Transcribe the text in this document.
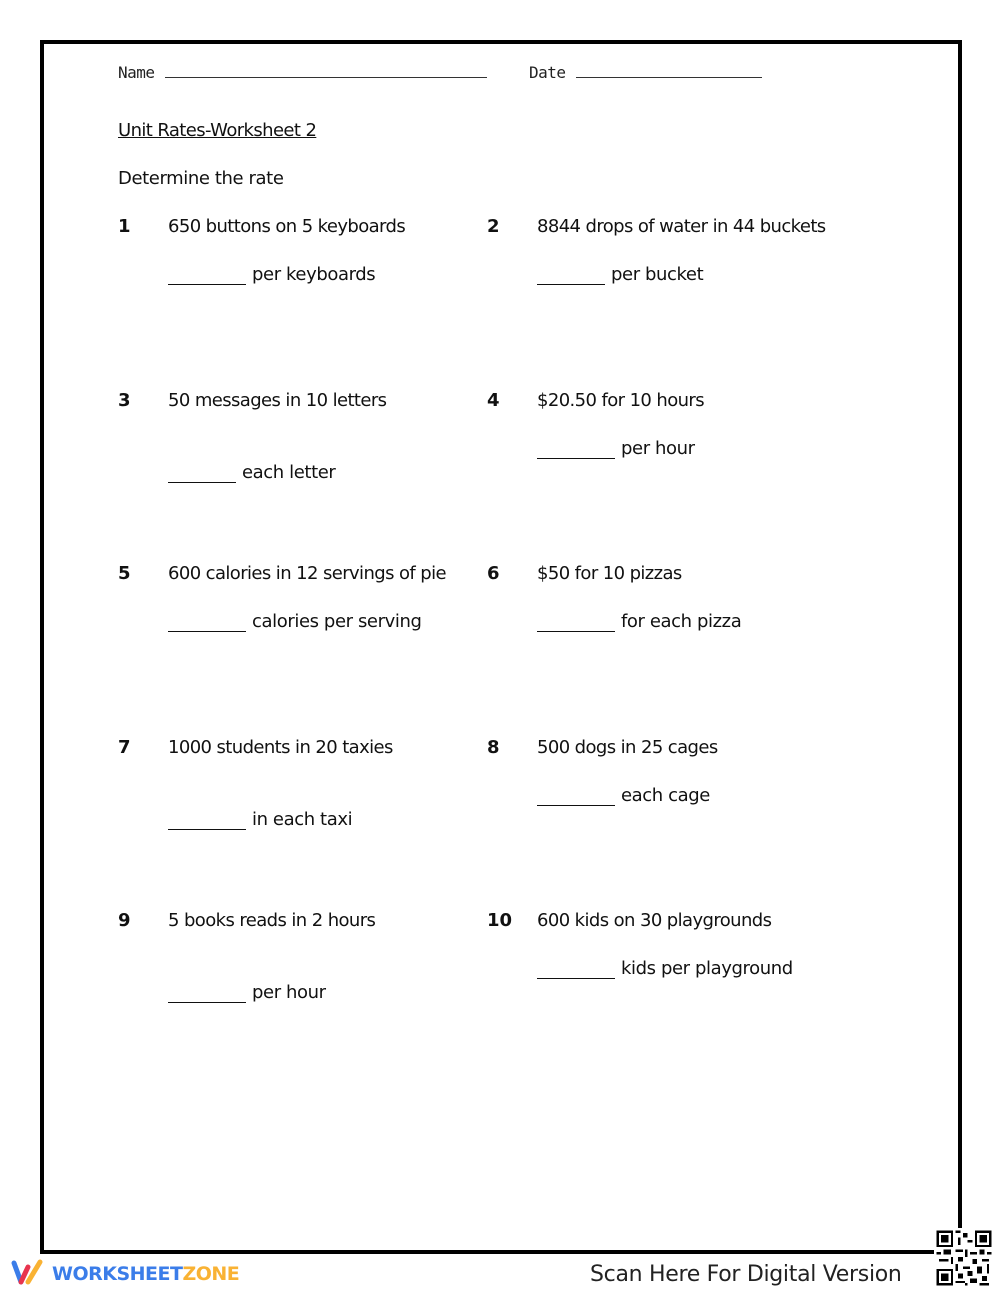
Name	Date
Unit Rates-Worksheet 2
Determine the rate
1 650 buttons on 5 keyboards
per keyboards
2 8844 drops of water in 44 buckets
per bucket
3 50 messages in 10 letters
each letter
4 $20.50 for 10 hours
per hour
5 600 calories in 12 servings of pie
calories per serving
6 $50 for 10 pizzas
for each pizza
7 1000 students in 20 taxies
in each taxi
8 500 dogs in 25 cages
each cage
9 5 books reads in 2 hours
per hour
10 600 kids on 30 playgrounds
kids per playground
WORKSHEETZONE	Scan Here For Digital Version
